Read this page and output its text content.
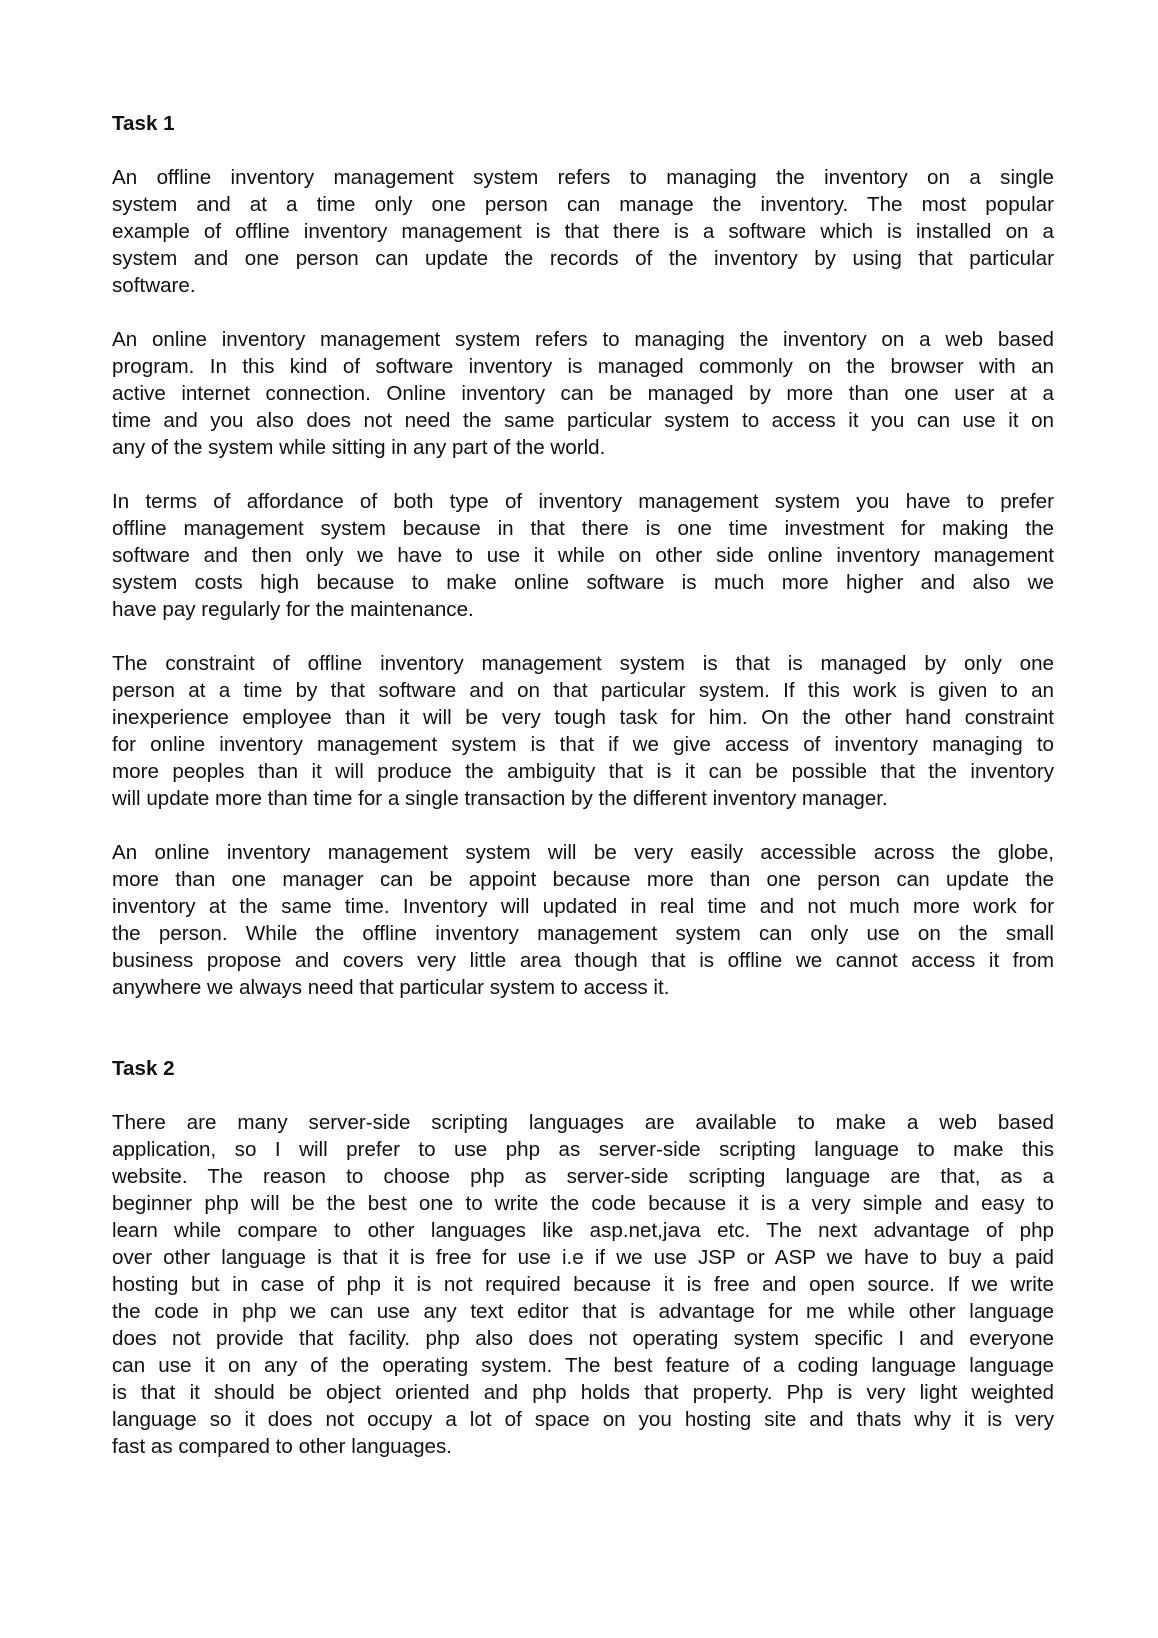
Task 1
An offline inventory management system refers to managing the inventory on a single
system and at a time only one person can manage the inventory. The most popular
example of offline inventory management is that there is a software which is installed on a
system and one person can update the records of the inventory by using that particular
software.
An online inventory management system refers to managing the inventory on a web based
program. In this kind of software inventory is managed commonly on the browser with an
active internet connection. Online inventory can be managed by more than one user at a
time and you also does not need the same particular system to access it you can use it on
any of the system while sitting in any part of the world.
In terms of affordance of both type of inventory management system you have to prefer
offline management system because in that there is one time investment for making the
software and then only we have to use it while on other side online inventory management
system costs high because to make online software is much more higher and also we
have pay regularly for the maintenance.
The constraint of offline inventory management system is that is managed by only one
person at a time by that software and on that particular system. If this work is given to an
inexperience employee than it will be very tough task for him. On the other hand constraint
for online inventory management system is that if we give access of inventory managing to
more peoples than it will produce the ambiguity that is it can be possible that the inventory
will update more than time for a single transaction by the different inventory manager.
An online inventory management system will be very easily accessible across the globe,
more than one manager can be appoint because more than one person can update the
inventory at the same time. Inventory will updated in real time and not much more work for
the person. While the offline inventory management system can only use on the small
business propose and covers very little area though that is offline we cannot access it from
anywhere we always need that particular system to access it.
Task 2
There are many server-side scripting languages are available to make a web based
application, so I will prefer to use php as server-side scripting language to make this
website. The reason to choose php as server-side scripting language are that, as a
beginner php will be the best one to write the code because it is a very simple and easy to
learn while compare to other languages like asp.net,java etc. The next advantage of php
over other language is that it is free for use i.e if we use JSP or ASP we have to buy a paid
hosting but in case of php it is not required because it is free and open source. If we write
the code in php we can use any text editor that is advantage for me while other language
does not provide that facility. php also does not operating system specific I and everyone
can use it on any of the operating system. The best feature of a coding language language
is that it should be object oriented and php holds that property. Php is very light weighted
language so it does not occupy a lot of space on you hosting site and thats why it is very
fast as compared to other languages.
